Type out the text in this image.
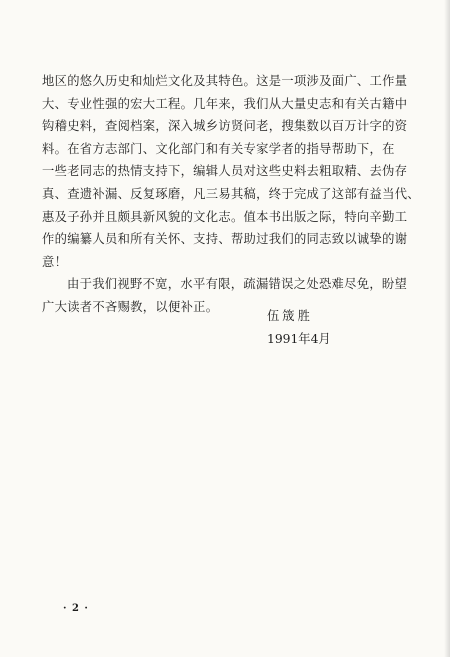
地区的悠久历史和灿烂文化及其特色。这是一项涉及面广、工作量
大、专业性强的宏大工程。几年来，我们从大量史志和有关古籍中
钩稽史料，查阅档案，深入城乡访贤问老，搜集数以百万计字的资
料。在省方志部门、文化部门和有关专家学者的指导帮助下，在
一些老同志的热情支持下，编辑人员对这些史料去粗取精、去伪存
真、查遗补漏、反复琢磨，凡三易其稿，终于完成了这部有益当代、
惠及子孙并且颇具新风貌的文化志。值本书出版之际，特向辛勤工
作的编纂人员和所有关怀、支持、帮助过我们的同志致以诚挚的谢
意！
由于我们视野不宽，水平有限，疏漏错误之处恐难尽免，盼望
广大读者不吝赐教，以便补正。
伍筬胜
1991年4月
· 2 ·
